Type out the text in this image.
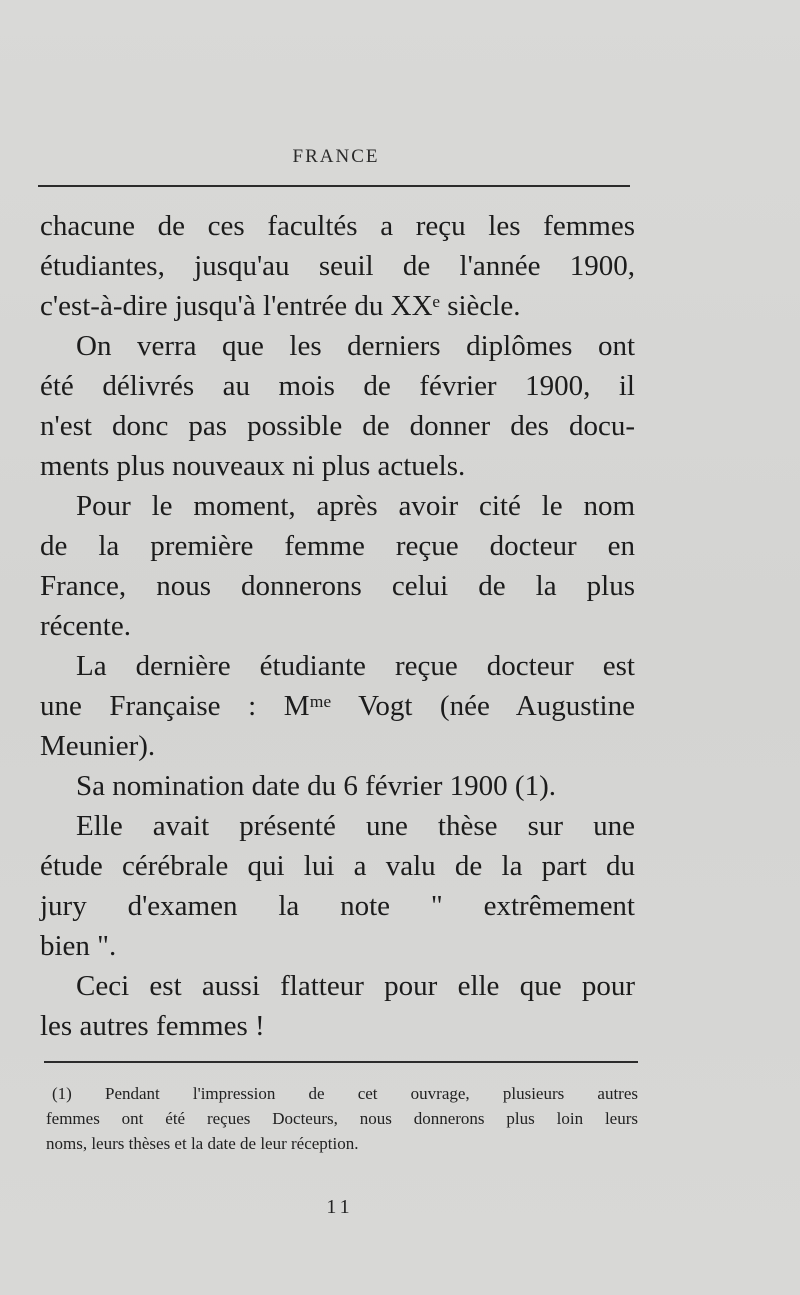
FRANCE
chacune de ces facultés a reçu les femmes
étudiantes, jusqu'au seuil de l'année 1900,
c'est-à-dire jusqu'à l'entrée du XXᵉ siècle.
On verra que les derniers diplômes ont
été délivrés au mois de février 1900, il
n'est donc pas possible de donner des docu-
ments plus nouveaux ni plus actuels.
Pour le moment, après avoir cité le nom
de la première femme reçue docteur en
France, nous donnerons celui de la plus
récente.
La dernière étudiante reçue docteur est
une Française : Mᵐᵉ Vogt (née Augustine
Meunier).
Sa nomination date du 6 février 1900 (1).
Elle avait présenté une thèse sur une
étude cérébrale qui lui a valu de la part du
jury d'examen la note " extrêmement
bien ".
Ceci est aussi flatteur pour elle que pour
les autres femmes !
(1) Pendant l'impression de cet ouvrage, plusieurs autres
femmes ont été reçues Docteurs, nous donnerons plus loin leurs
noms, leurs thèses et la date de leur réception.
11
